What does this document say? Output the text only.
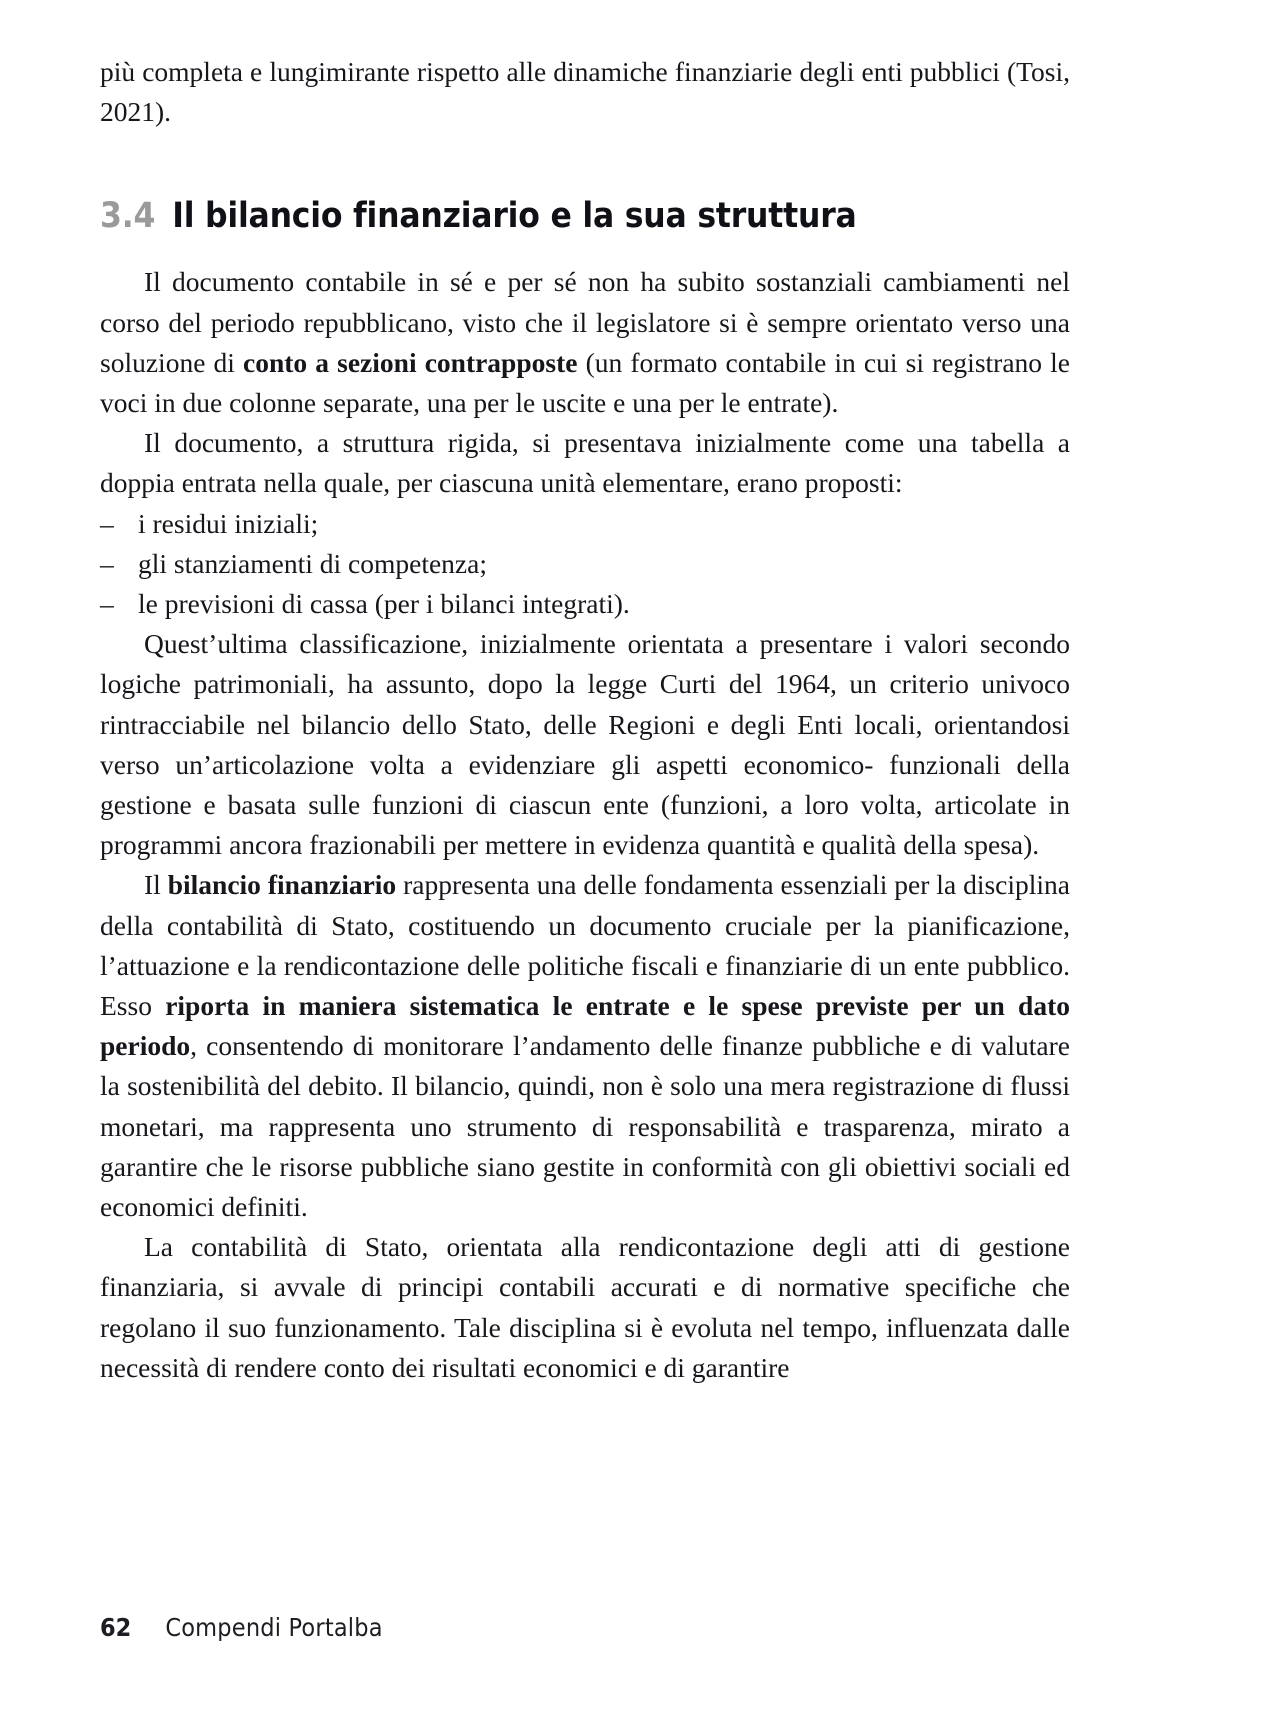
più completa e lungimirante rispetto alle dinamiche finanziarie degli enti pubblici (Tosi, 2021).

3.4 Il bilancio finanziario e la sua struttura

Il documento contabile in sé e per sé non ha subito sostanziali cambiamenti nel corso del periodo repubblicano, visto che il legislatore si è sempre orientato verso una soluzione di conto a sezioni contrapposte (un formato contabile in cui si registrano le voci in due colonne separate, una per le uscite e una per le entrate).

Il documento, a struttura rigida, si presentava inizialmente come una tabella a doppia entrata nella quale, per ciascuna unità elementare, erano proposti:

– i residui iniziali;
– gli stanziamenti di competenza;
– le previsioni di cassa (per i bilanci integrati).

Quest’ultima classificazione, inizialmente orientata a presentare i valori secondo logiche patrimoniali, ha assunto, dopo la legge Curti del 1964, un criterio univoco rintracciabile nel bilancio dello Stato, delle Regioni e degli Enti locali, orientandosi verso un’articolazione volta a evidenziare gli aspetti economico- funzionali della gestione e basata sulle funzioni di ciascun ente (funzioni, a loro volta, articolate in programmi ancora frazionabili per mettere in evidenza quantità e qualità della spesa).

Il bilancio finanziario rappresenta una delle fondamenta essenziali per la disciplina della contabilità di Stato, costituendo un documento cruciale per la pianificazione, l’attuazione e la rendicontazione delle politiche fiscali e finanziarie di un ente pubblico. Esso riporta in maniera sistematica le entrate e le spese previste per un dato periodo, consentendo di monitorare l’andamento delle finanze pubbliche e di valutare la sostenibilità del debito. Il bilancio, quindi, non è solo una mera registrazione di flussi monetari, ma rappresenta uno strumento di responsabilità e trasparenza, mirato a garantire che le risorse pubbliche siano gestite in conformità con gli obiettivi sociali ed economici definiti.

La contabilità di Stato, orientata alla rendicontazione degli atti di gestione finanziaria, si avvale di principi contabili accurati e di normative specifiche che regolano il suo funzionamento. Tale disciplina si è evoluta nel tempo, influenzata dalle necessità di rendere conto dei risultati economici e di garantire

62 Compendi Portalba
